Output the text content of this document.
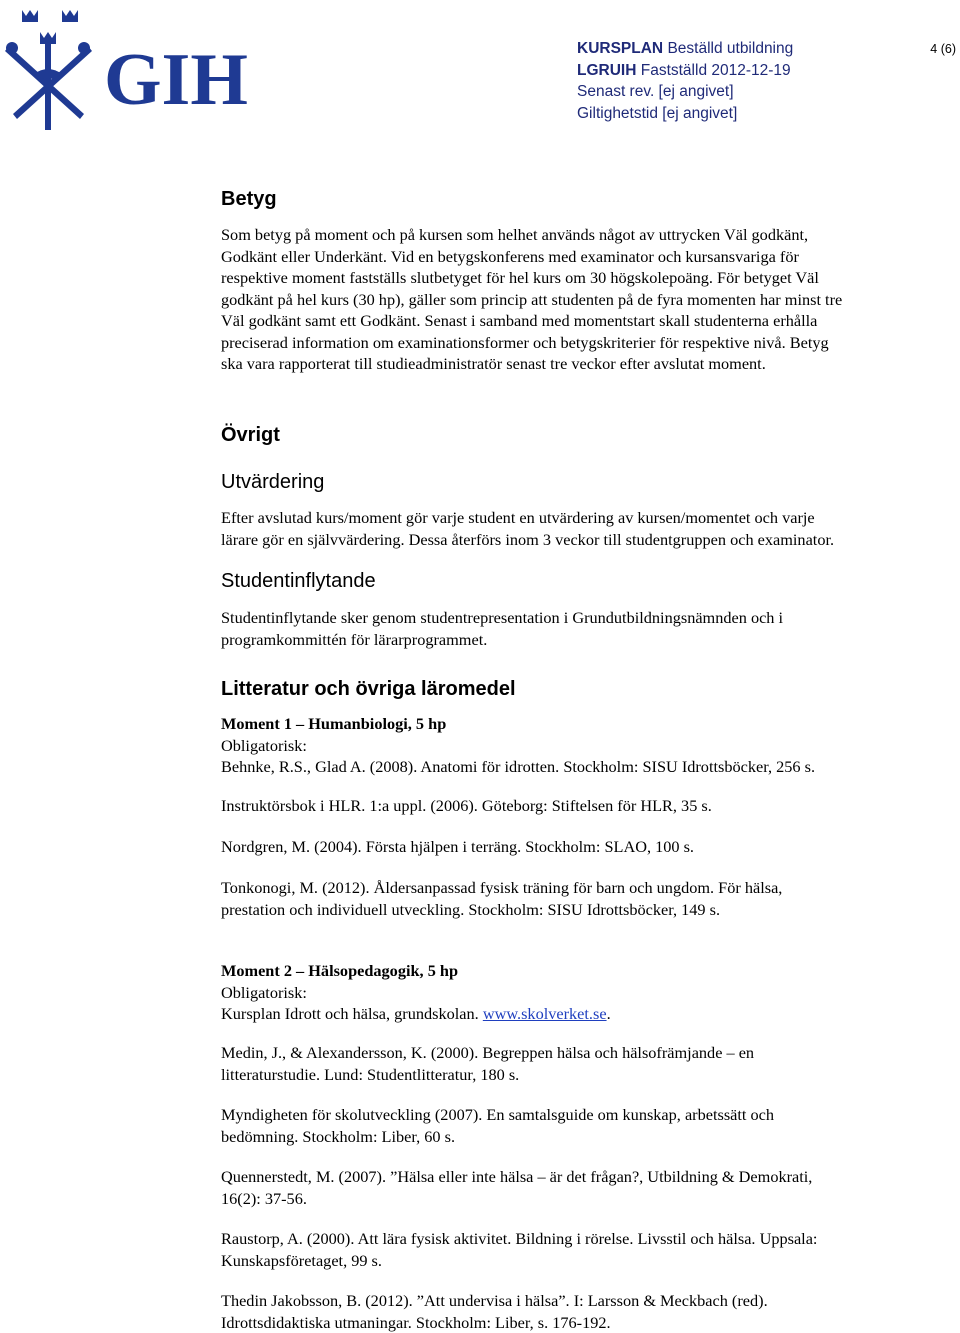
GIH	KURSPLAN Beställd utbildning
LGRUIH Fastställd 2012-12-19
Senast rev. [ej angivet]
Giltighetstid [ej angivet]
4 (6)
Betyg
Som betyg på moment och på kursen som helhet används något av uttrycken Väl godkänt,
Godkänt eller Underkänt. Vid en betygskonferens med examinator och kursansvariga för
respektive moment fastställs slutbetyget för hel kurs om 30 högskolepoäng. För betyget Väl
godkänt på hel kurs (30 hp), gäller som princip att studenten på de fyra momenten har minst tre
Väl godkänt samt ett Godkänt. Senast i samband med momentstart skall studenterna erhålla
preciserad information om examinationsformer och betygskriterier för respektive nivå. Betyg
ska vara rapporterat till studieadministratör senast tre veckor efter avslutat moment.
Övrigt
Utvärdering
Efter avslutad kurs/moment gör varje student en utvärdering av kursen/momentet och varje
lärare gör en självvärdering. Dessa återförs inom 3 veckor till studentgruppen och examinator.
Studentinflytande
Studentinflytande sker genom studentrepresentation i Grundutbildningsnämnden och i
programkommittén för lärarprogrammet.
Litteratur och övriga läromedel
Moment 1 – Humanbiologi, 5 hp
Obligatorisk:
Behnke, R.S., Glad A. (2008). Anatomi för idrotten. Stockholm: SISU Idrottsböcker, 256 s.
Instruktörsbok i HLR. 1:a uppl. (2006). Göteborg: Stiftelsen för HLR, 35 s.
Nordgren, M. (2004). Första hjälpen i terräng. Stockholm: SLAO, 100 s.
Tonkonogi, M. (2012). Åldersanpassad fysisk träning för barn och ungdom. För hälsa,
prestation och individuell utveckling. Stockholm: SISU Idrottsböcker, 149 s.
Moment 2 – Hälsopedagogik, 5 hp
Obligatorisk:
Kursplan Idrott och hälsa, grundskolan. www.skolverket.se.
Medin, J., & Alexandersson, K. (2000). Begreppen hälsa och hälsofrämjande – en
litteraturstudie. Lund: Studentlitteratur, 180 s.
Myndigheten för skolutveckling (2007). En samtalsguide om kunskap, arbetssätt och
bedömning. Stockholm: Liber, 60 s.
Quennerstedt, M. (2007). ”Hälsa eller inte hälsa – är det frågan?, Utbildning & Demokrati,
16(2): 37-56.
Raustorp, A. (2000). Att lära fysisk aktivitet. Bildning i rörelse. Livsstil och hälsa. Uppsala:
Kunskapsföretaget, 99 s.
Thedin Jakobsson, B. (2012). ”Att undervisa i hälsa”. I: Larsson & Meckbach (red).
Idrottsdidaktiska utmaningar. Stockholm: Liber, s. 176-192.
